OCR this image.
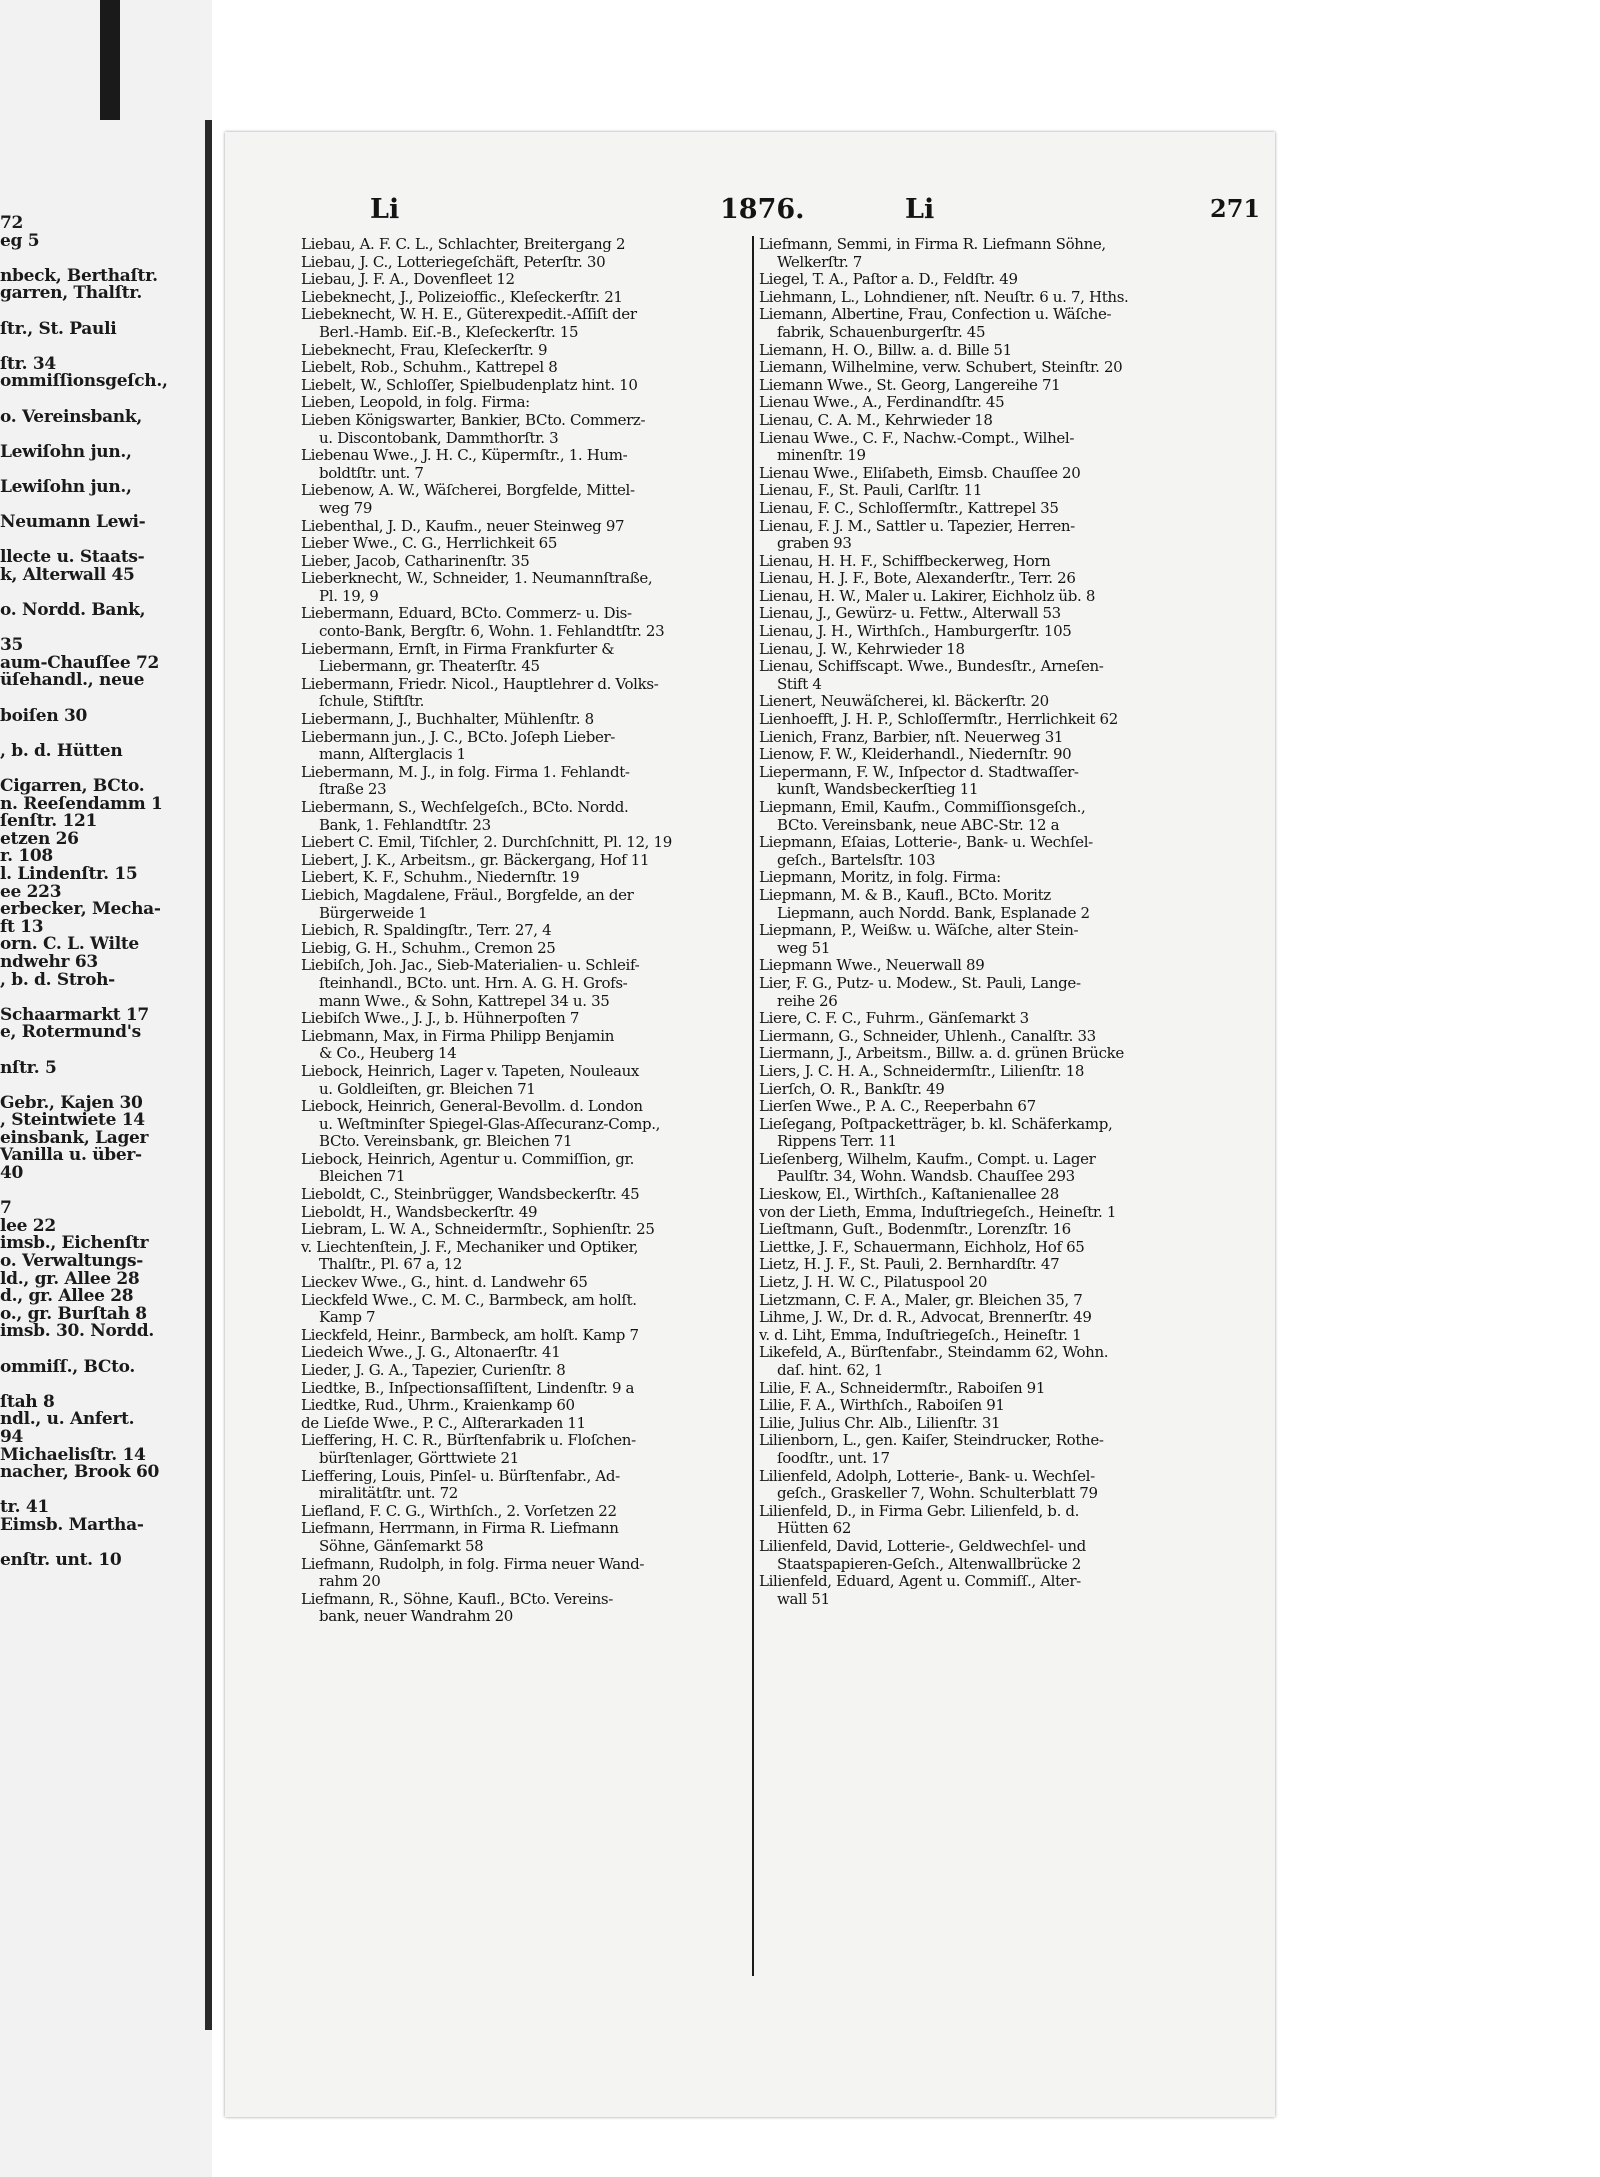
72
eg 5

nbeck, Berthaſtr.
garren, Thalſtr.

ſtr., St. Pauli

ſtr. 34
ommiſſionsgeſch.,

o. Vereinsbank,

Lewiſohn jun.,

Lewiſohn jun.,

Neumann Lewi-

llecte u. Staats-
k, Alterwall 45

o. Nordd. Bank,

35
aum-Chauſſee 72
üſehandl., neue

boiſen 30

, b. d. Hütten

Cigarren, BCto.
n. Reeſendamm 1
ſenſtr. 121
etzen 26
r. 108
l. Lindenſtr. 15
ee 223
erbecker, Mecha-
ft 13
orn. C. L. Wilte
ndwehr 63
, b. d. Stroh-

Schaarmarkt 17
e, Rotermund's

nſtr. 5

Gebr., Kajen 30
, Steintwiete 14
einsbank, Lager
Vanilla u. über-
40

7
lee 22
imsb., Eichenſtr
o. Verwaltungs-
ld., gr. Allee 28
d., gr. Allee 28
o., gr. Burſtah 8
imsb. 30. Nordd.

ommiſſ., BCto.

ſtah 8
ndl., u. Anfert.
94
Michaelisſtr. 14
nacher, Brook 60

tr. 41
Eimsb. Martha-

enſtr. unt. 10
Li	1876.	Li	271
Liebau, A. F. C. L., Schlachter, Breitergang 2
Liebau, J. C., Lotteriegeſchäft, Peterſtr. 30
Liebau, J. F. A., Dovenfleet 12
Liebeknecht, J., Polizeioffic., Kleſeckerſtr. 21
Liebeknecht, W. H. E., Güterexpedit.-Aſſiſt der
Berl.-Hamb. Eiſ.-B., Kleſeckerſtr. 15
Liebeknecht, Frau, Kleſeckerſtr. 9
Liebelt, Rob., Schuhm., Kattrepel 8
Liebelt, W., Schloſſer, Spielbudenplatz hint. 10
Lieben, Leopold, in folg. Firma:
Lieben Königswarter, Bankier, BCto. Commerz-
u. Discontobank, Dammthorſtr. 3
Liebenau Wwe., J. H. C., Küpermſtr., 1. Hum-
boldtſtr. unt. 7
Liebenow, A. W., Wäſcherei, Borgfelde, Mittel-
weg 79
Liebenthal, J. D., Kaufm., neuer Steinweg 97
Lieber Wwe., C. G., Herrlichkeit 65
Lieber, Jacob, Catharinenſtr. 35
Lieberknecht, W., Schneider, 1. Neumannſtraße,
Pl. 19, 9
Liebermann, Eduard, BCto. Commerz- u. Dis-
conto-Bank, Bergſtr. 6, Wohn. 1. Fehlandtſtr. 23
Liebermann, Ernſt, in Firma Frankfurter &
Liebermann, gr. Theaterſtr. 45
Liebermann, Friedr. Nicol., Hauptlehrer d. Volks-
ſchule, Stiftſtr.
Liebermann, J., Buchhalter, Mühlenſtr. 8
Liebermann jun., J. C., BCto. Joſeph Lieber-
mann, Alſterglacis 1
Liebermann, M. J., in folg. Firma 1. Fehlandt-
ſtraße 23
Liebermann, S., Wechſelgeſch., BCto. Nordd.
Bank, 1. Fehlandtſtr. 23
Liebert C. Emil, Tiſchler, 2. Durchſchnitt, Pl. 12, 19
Liebert, J. K., Arbeitsm., gr. Bäckergang, Hof 11
Liebert, K. F., Schuhm., Niedernſtr. 19
Liebich, Magdalene, Fräul., Borgfelde, an der
Bürgerweide 1
Liebich, R. Spaldingſtr., Terr. 27, 4
Liebig, G. H., Schuhm., Cremon 25
Liebiſch, Joh. Jac., Sieb-Materialien- u. Schleif-
ſteinhandl., BCto. unt. Hrn. A. G. H. Grofs-
mann Wwe., & Sohn, Kattrepel 34 u. 35
Liebiſch Wwe., J. J., b. Hühnerpoſten 7
Liebmann, Max, in Firma Philipp Benjamin
& Co., Heuberg 14
Liebock, Heinrich, Lager v. Tapeten, Nouleaux
u. Goldleiſten, gr. Bleichen 71
Liebock, Heinrich, General-Bevollm. d. London
u. Weſtminſter Spiegel-Glas-Aſſecuranz-Comp.,
BCto. Vereinsbank, gr. Bleichen 71
Liebock, Heinrich, Agentur u. Commiſſion, gr.
Bleichen 71
Lieboldt, C., Steinbrügger, Wandsbeckerſtr. 45
Lieboldt, H., Wandsbeckerſtr. 49
Liebram, L. W. A., Schneidermſtr., Sophienſtr. 25
v. Liechtenſtein, J. F., Mechaniker und Optiker,
Thalſtr., Pl. 67 a, 12
Lieckev Wwe., G., hint. d. Landwehr 65
Lieckfeld Wwe., C. M. C., Barmbeck, am holſt.
Kamp 7
Lieckfeld, Heinr., Barmbeck, am holſt. Kamp 7
Liedeich Wwe., J. G., Altonaerſtr. 41
Lieder, J. G. A., Tapezier, Curienſtr. 8
Liedtke, B., Inſpectionsaſſiſtent, Lindenſtr. 9 a
Liedtke, Rud., Uhrm., Kraienkamp 60
de Lieſde Wwe., P. C., Alſterarkaden 11
Lieffering, H. C. R., Bürſtenfabrik u. Floſchen-
bürſtenlager, Görttwiete 21
Lieffering, Louis, Pinſel- u. Bürſtenfabr., Ad-
miralitätſtr. unt. 72
Liefland, F. C. G., Wirthſch., 2. Vorſetzen 22
Liefmann, Herrmann, in Firma R. Liefmann
Söhne, Gänſemarkt 58
Liefmann, Rudolph, in folg. Firma neuer Wand-
rahm 20
Liefmann, R., Söhne, Kaufl., BCto. Vereins-
bank, neuer Wandrahm 20
Liefmann, Semmi, in Firma R. Liefmann Söhne,
Welkerſtr. 7
Liegel, T. A., Paſtor a. D., Feldſtr. 49
Liehmann, L., Lohndiener, nſt. Neuſtr. 6 u. 7, Hths.
Liemann, Albertine, Frau, Confection u. Wäſche-
fabrik, Schauenburgerſtr. 45
Liemann, H. O., Billw. a. d. Bille 51
Liemann, Wilhelmine, verw. Schubert, Steinſtr. 20
Liemann Wwe., St. Georg, Langereihe 71
Lienau Wwe., A., Ferdinandſtr. 45
Lienau, C. A. M., Kehrwieder 18
Lienau Wwe., C. F., Nachw.-Compt., Wilhel-
minenſtr. 19
Lienau Wwe., Eliſabeth, Eimsb. Chauſſee 20
Lienau, F., St. Pauli, Carlſtr. 11
Lienau, F. C., Schloſſermſtr., Kattrepel 35
Lienau, F. J. M., Sattler u. Tapezier, Herren-
graben 93
Lienau, H. H. F., Schiffbeckerweg, Horn
Lienau, H. J. F., Bote, Alexanderſtr., Terr. 26
Lienau, H. W., Maler u. Lakirer, Eichholz üb. 8
Lienau, J., Gewürz- u. Fettw., Alterwall 53
Lienau, J. H., Wirthſch., Hamburgerſtr. 105
Lienau, J. W., Kehrwieder 18
Lienau, Schiffscapt. Wwe., Bundesſtr., Arneſen-
Stift 4
Lienert, Neuwäſcherei, kl. Bäckerſtr. 20
Lienhoefft, J. H. P., Schloſſermſtr., Herrlichkeit 62
Lienich, Franz, Barbier, nſt. Neuerweg 31
Lienow, F. W., Kleiderhandl., Niedernſtr. 90
Liepermann, F. W., Inſpector d. Stadtwaſſer-
kunſt, Wandsbeckerſtieg 11
Liepmann, Emil, Kaufm., Commiſſionsgeſch.,
BCto. Vereinsbank, neue ABC-Str. 12 a
Liepmann, Eſaias, Lotterie-, Bank- u. Wechſel-
geſch., Bartelsſtr. 103
Liepmann, Moritz, in folg. Firma:
Liepmann, M. & B., Kaufl., BCto. Moritz
Liepmann, auch Nordd. Bank, Esplanade 2
Liepmann, P., Weißw. u. Wäſche, alter Stein-
weg 51
Liepmann Wwe., Neuerwall 89
Lier, F. G., Putz- u. Modew., St. Pauli, Lange-
reihe 26
Liere, C. F. C., Fuhrm., Gänſemarkt 3
Liermann, G., Schneider, Uhlenh., Canalſtr. 33
Liermann, J., Arbeitsm., Billw. a. d. grünen Brücke
Liers, J. C. H. A., Schneidermſtr., Lilienſtr. 18
Lierſch, O. R., Bankſtr. 49
Lierſen Wwe., P. A. C., Reeperbahn 67
Lieſegang, Poſtpacketträger, b. kl. Schäferkamp,
Rippens Terr. 11
Lieſenberg, Wilhelm, Kaufm., Compt. u. Lager
Paulſtr. 34, Wohn. Wandsb. Chauſſee 293
Lieskow, El., Wirthſch., Kaſtanienallee 28
von der Lieth, Emma, Induſtriegeſch., Heineſtr. 1
Lieſtmann, Guſt., Bodenmſtr., Lorenzſtr. 16
Liettke, J. F., Schauermann, Eichholz, Hof 65
Lietz, H. J. F., St. Pauli, 2. Bernhardſtr. 47
Lietz, J. H. W. C., Pilatuspool 20
Lietzmann, C. F. A., Maler, gr. Bleichen 35, 7
Lihme, J. W., Dr. d. R., Advocat, Brennerſtr. 49
v. d. Liht, Emma, Induſtriegeſch., Heineſtr. 1
Likefeld, A., Bürſtenfabr., Steindamm 62, Wohn.
daſ. hint. 62, 1
Lilie, F. A., Schneidermſtr., Raboiſen 91
Lilie, F. A., Wirthſch., Raboiſen 91
Lilie, Julius Chr. Alb., Lilienſtr. 31
Lilienborn, L., gen. Kaiſer, Steindrucker, Rothe-
ſoodſtr., unt. 17
Lilienfeld, Adolph, Lotterie-, Bank- u. Wechſel-
geſch., Graskeller 7, Wohn. Schulterblatt 79
Lilienfeld, D., in Firma Gebr. Lilienfeld, b. d.
Hütten 62
Lilienfeld, David, Lotterie-, Geldwechſel- und
Staatspapieren-Geſch., Altenwallbrücke 2
Lilienfeld, Eduard, Agent u. Commiſſ., Alter-
wall 51
